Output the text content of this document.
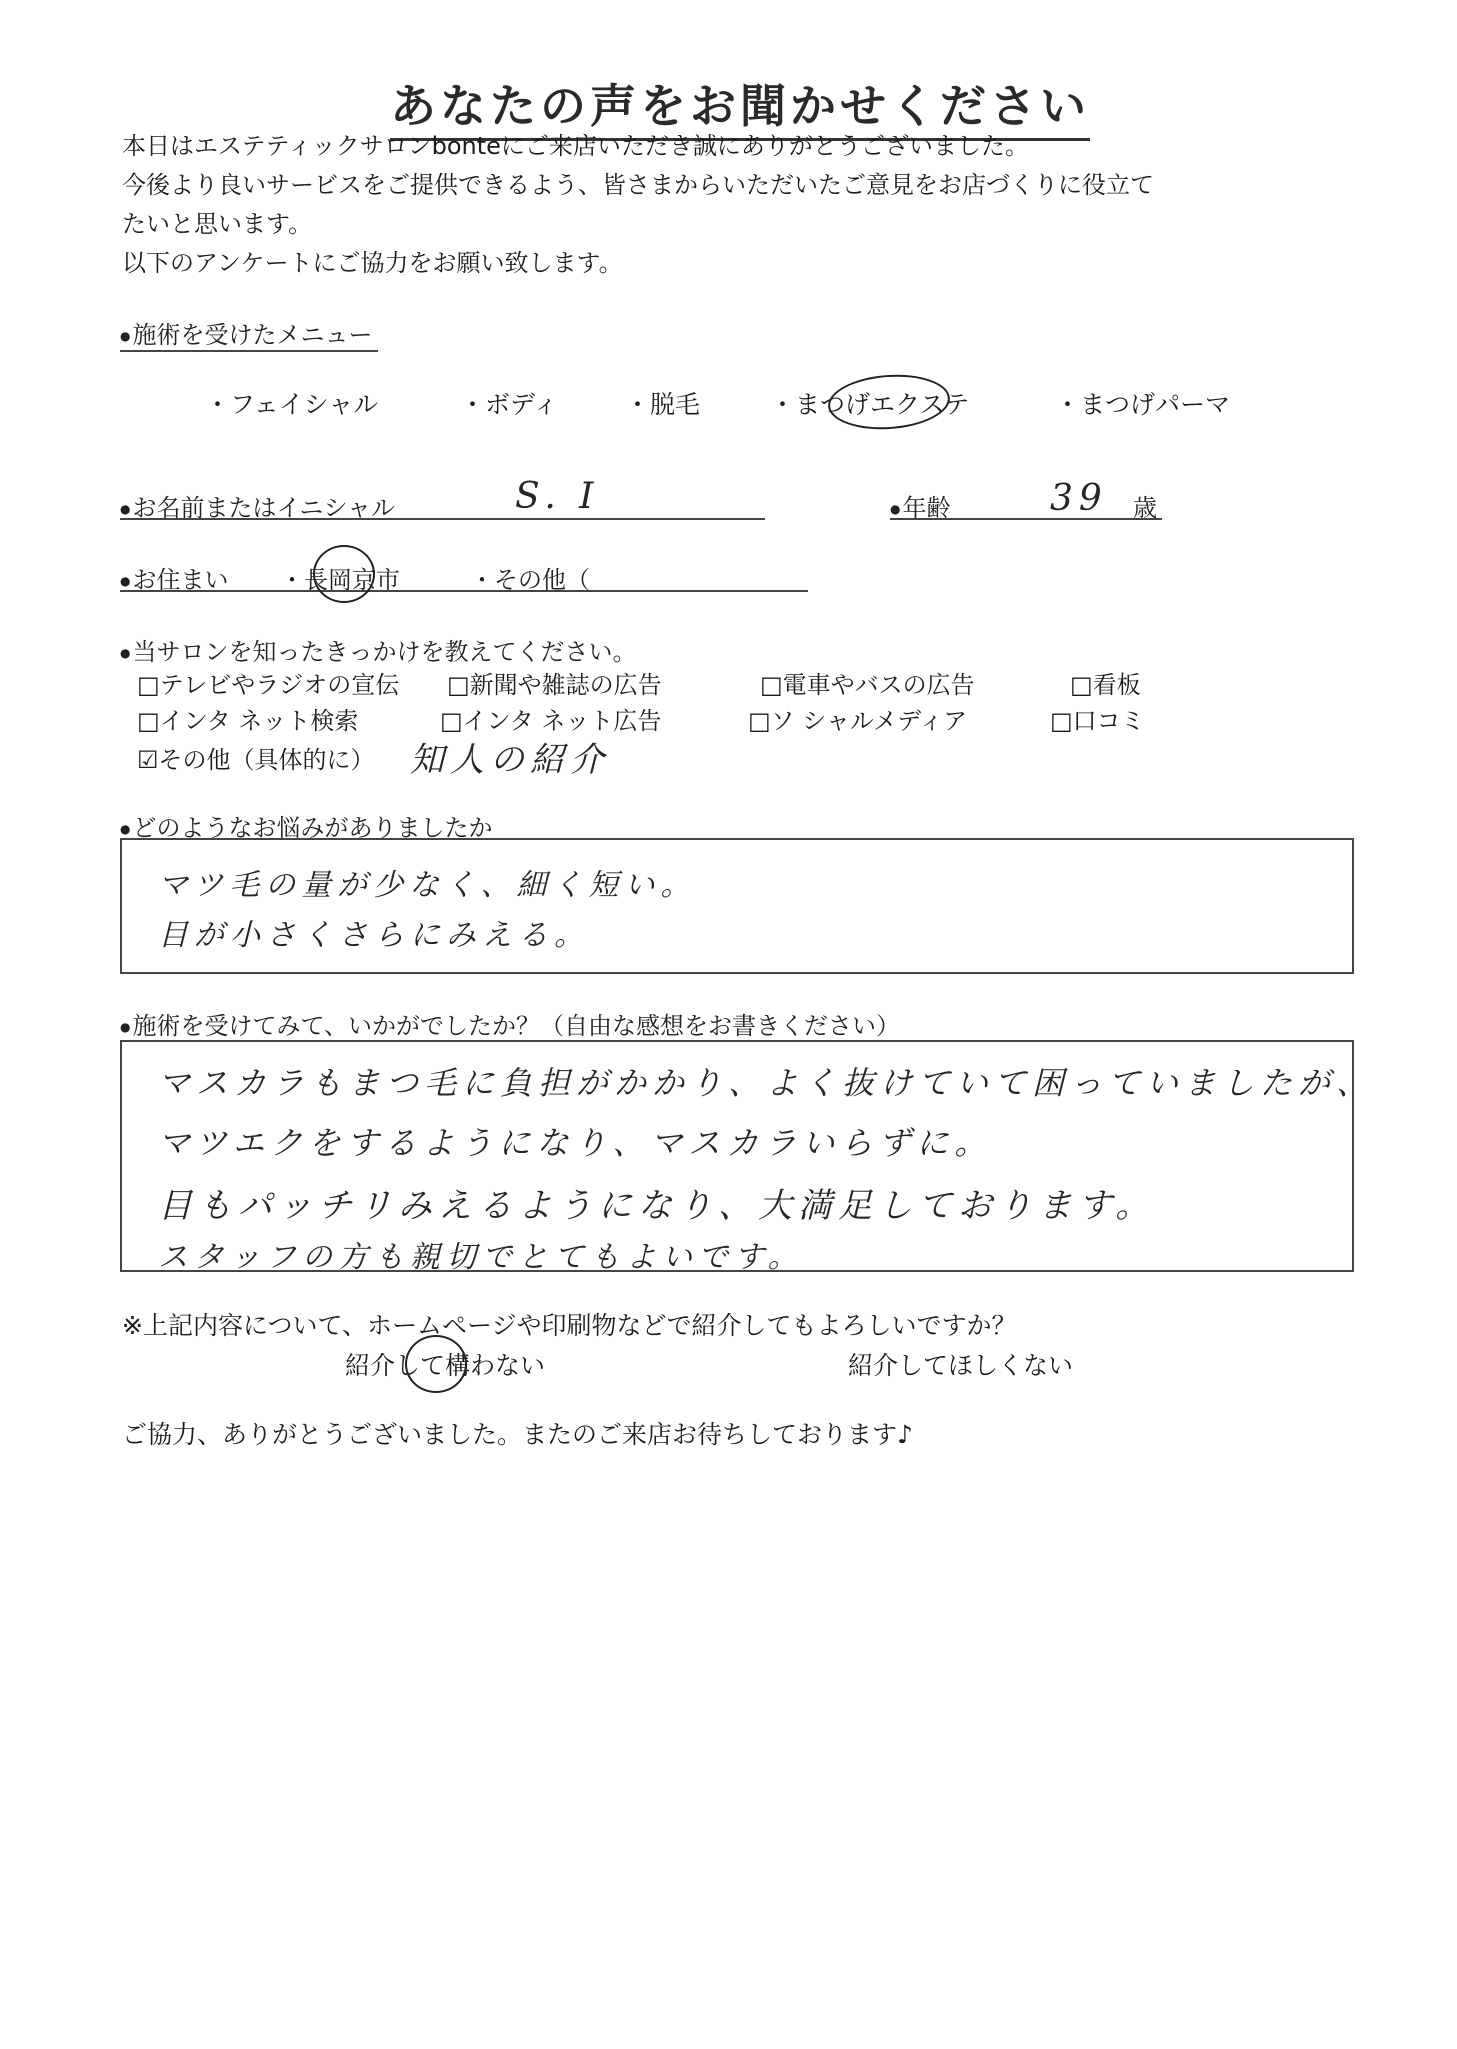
あなたの声をお聞かせください
本日はエステティックサロンbonteにご来店いただき誠にありがとうございました。
今後より良いサービスをご提供できるよう、皆さまからいただいたご意見をお店づくりに役立て
たいと思います。
以下のアンケートにご協力をお願い致します。
● 施術を受けたメニュー
・フェイシャル	・ボディ	・脱毛	・まつげエクステ	・まつげパーマ
● お名前またはイニシャル	S. I
●	年齢	39 歳
● お住まい ・長岡京市	・その他（
● 当サロンを知ったきっかけを教えてください。
□テレビやラジオの宣伝 □新聞や雑誌の広告	□電車やバスの広告	□看板
□インタ ネット検索	□インタ ネット広告	□ソ シャルメディア	□口コミ
☑その他（具体的に） 知人の紹介
● どのようなお悩みがありましたか
マツ毛の量が少なく、細く短い。
目が小さくさらにみえる。
● 施術を受けてみて、いかがでしたか？（自由な感想をお書きください）
マスカラもまつ毛に負担がかかり、よく抜けていて困っていましたが、
マツエクをするようになり、マスカラいらずに。
目もパッチリみえるようになり、大満足しております。
スタッフの方も親切でとてもよいです。
※上記内容について、ホームページや印刷物などで紹介してもよろしいですか？
紹介して構わない	紹介してほしくない
ご協力、ありがとうございました。またのご来店お待ちしております♪
